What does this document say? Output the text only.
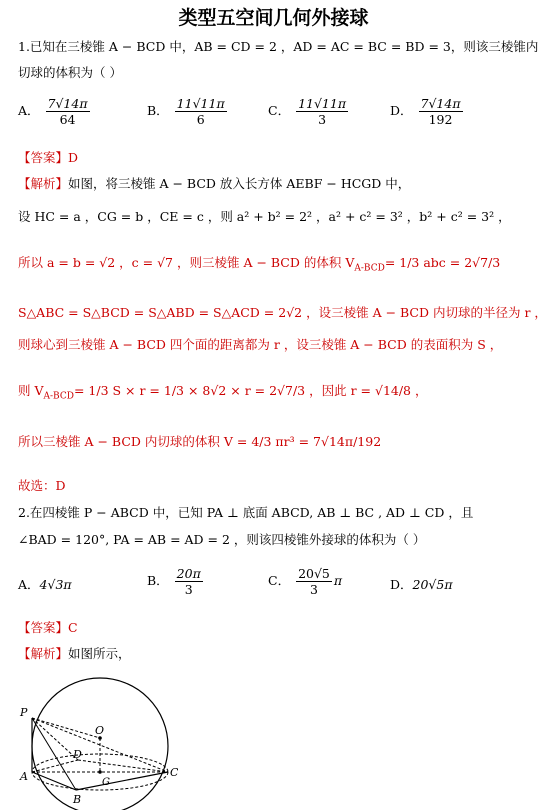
类型五空间几何外接球
1.已知在三棱锥 A − BCD 中，AB = CD = 2 ，AD = AC = BC = BD = 3，则该三棱锥内
切球的体积为（ ）
A． $\frac{7√14\pi}{64}$	B． $\frac{11√11\pi}{6}$	C． $\frac{11√11\pi}{3}$	D． $\frac{7√14\pi}{192}$
【答案】D
【解析】如图，将三棱锥 A − BCD 放入长方体 AEBF − HCGD 中，
设 HC = a ，CG = b ，CE = c ，则 a² + b² = 2² ，a² + c² = 3² ，b² + c² = 3² ，
所以 a = b = √2 ，c = √7 ，则三棱锥 A − BCD 的体积 $V_{A-BCD}= 1/3$ abc = 2√7/3
S△ABC = S△BCD = S△ABD = S△ACD = 2√2 ，设三棱锥 A − BCD 内切球的半径为 r ，
则球心到三棱锥 A − BCD 四个面的距离都为 r ，设三棱锥 A − BCD 的表面积为 S ，
则 $V_{A-BCD}= 1/3$ S × r = 1/3 × 8√2 × r = 2√7/3 ，因此 r = √14/8 ，
所以三棱锥 A − BCD 内切球的体积 V = 4/3 πr³ = 7√14π/192
故选：D
2.在四棱锥 P − ABCD 中，已知 PA ⊥ 底面 ABCD, AB ⊥ BC , AD ⊥ CD ，且
∠BAD = 120°, PA = AB = AD = 2 ，则该四棱锥外接球的体积为（ ）
A．4√3π	B． $\frac{20\pi}{3}$	C． $\frac{20√5}{3}$ π	D．20√5π
【答案】C
【解析】如图所示，
P
O
D
G
A	C
B
